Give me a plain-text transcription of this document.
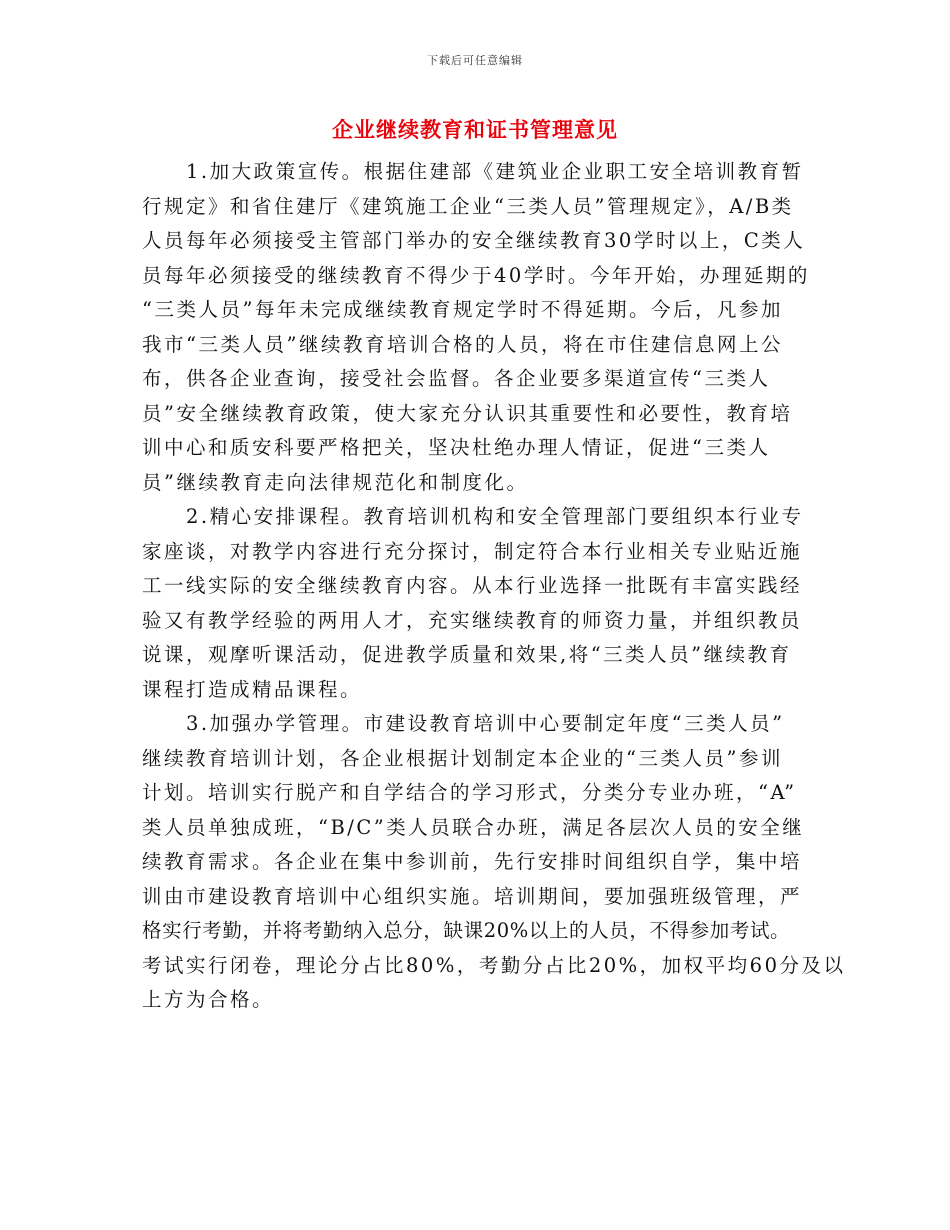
下载后可任意编辑
企业继续教育和证书管理意见
1.加大政策宣传。根据住建部《建筑业企业职工安全培训教育暂
行规定》和省住建厅《建筑施工企业“三类人员”管理规定》，A/B类
人员每年必须接受主管部门举办的安全继续教育30学时以上，C类人
员每年必须接受的继续教育不得少于40学时。今年开始，办理延期的
“三类人员”每年未完成继续教育规定学时不得延期。今后，凡参加
我市“三类人员”继续教育培训合格的人员，将在市住建信息网上公
布，供各企业查询，接受社会监督。各企业要多渠道宣传“三类人
员”安全继续教育政策，使大家充分认识其重要性和必要性，教育培
训中心和质安科要严格把关，坚决杜绝办理人情证，促进“三类人
员”继续教育走向法律规范化和制度化。
2.精心安排课程。教育培训机构和安全管理部门要组织本行业专
家座谈，对教学内容进行充分探讨，制定符合本行业相关专业贴近施
工一线实际的安全继续教育内容。从本行业选择一批既有丰富实践经
验又有教学经验的两用人才，充实继续教育的师资力量，并组织教员
说课，观摩听课活动，促进教学质量和效果,将“三类人员”继续教育
课程打造成精品课程。
3.加强办学管理。市建设教育培训中心要制定年度“三类人员”
继续教育培训计划，各企业根据计划制定本企业的“三类人员”参训
计划。培训实行脱产和自学结合的学习形式，分类分专业办班，“A”
类人员单独成班，“B/C”类人员联合办班，满足各层次人员的安全继
续教育需求。各企业在集中参训前，先行安排时间组织自学，集中培
训由市建设教育培训中心组织实施。培训期间，要加强班级管理，严
格实行考勤，并将考勤纳入总分，缺课20%以上的人员，不得参加考试。
考试实行闭卷，理论分占比80%，考勤分占比20%，加权平均60分及以
上方为合格。
